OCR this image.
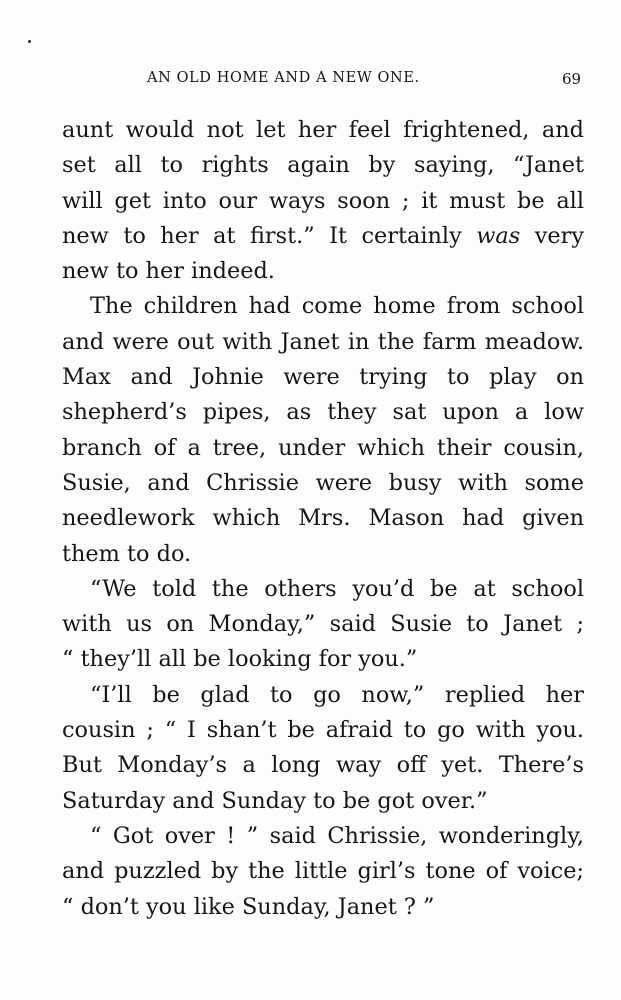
AN OLD HOME AND A NEW ONE.	69
aunt would not let her feel frightened, and
set all to rights again by saying, “Janet
will get into our ways soon ; it must be all
new to her at first.” It certainly was very
new to her indeed.
The children had come home from school
and were out with Janet in the farm meadow.
Max and Johnie were trying to play on
shepherd’s pipes, as they sat upon a low
branch of a tree, under which their cousin,
Susie, and Chrissie were busy with some
needlework which Mrs. Mason had given
them to do.
“We told the others you’d be at school
with us on Monday,” said Susie to Janet ;
“ they’ll all be looking for you.”
“I’ll be glad to go now,” replied her
cousin ; “ I shan’t be afraid to go with you.
But Monday’s a long way off yet. There’s
Saturday and Sunday to be got over.”
“ Got over ! ” said Chrissie, wonderingly,
and puzzled by the little girl’s tone of voice;
“ don’t you like Sunday, Janet ? ”
